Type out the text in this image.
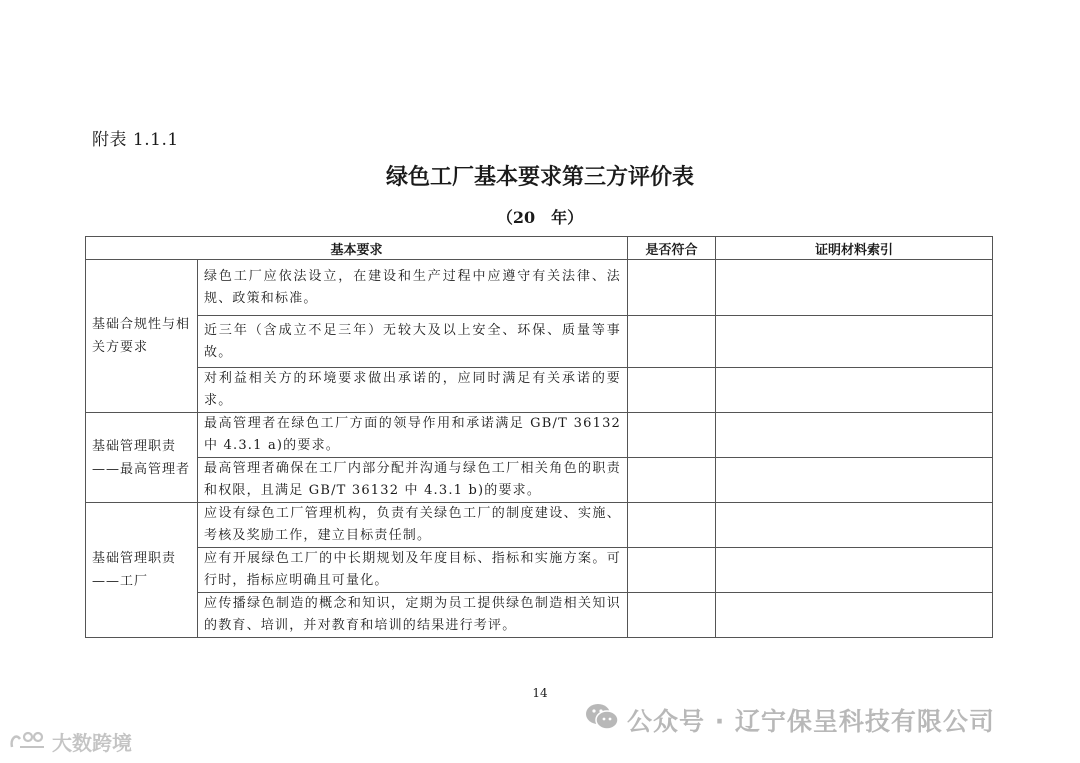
附表 1.1.1
绿色工厂基本要求第三方评价表
（20　年）
基本要求		是否符合	证明材料索引
基础合规性与相关方要求	绿色工厂应依法设立，在建设和生产过程中应遵守有关法律、法规、政策和标准。		
	近三年（含成立不足三年）无较大及以上安全、环保、质量等事故。		
	对利益相关方的环境要求做出承诺的，应同时满足有关承诺的要求。		
基础管理职责——最高管理者	最高管理者在绿色工厂方面的领导作用和承诺满足 GB/T 36132 中 4.3.1 a)的要求。		
	最高管理者确保在工厂内部分配并沟通与绿色工厂相关角色的职责和权限，且满足 GB/T 36132 中 4.3.1 b)的要求。		
基础管理职责——工厂	应设有绿色工厂管理机构，负责有关绿色工厂的制度建设、实施、考核及奖励工作，建立目标责任制。		
	应有开展绿色工厂的中长期规划及年度目标、指标和实施方案。可行时，指标应明确且可量化。		
	应传播绿色制造的概念和知识，定期为员工提供绿色制造相关知识的教育、培训，并对教育和培训的结果进行考评。		
14
公众号 · 辽宁保呈科技有限公司
大数跨境
